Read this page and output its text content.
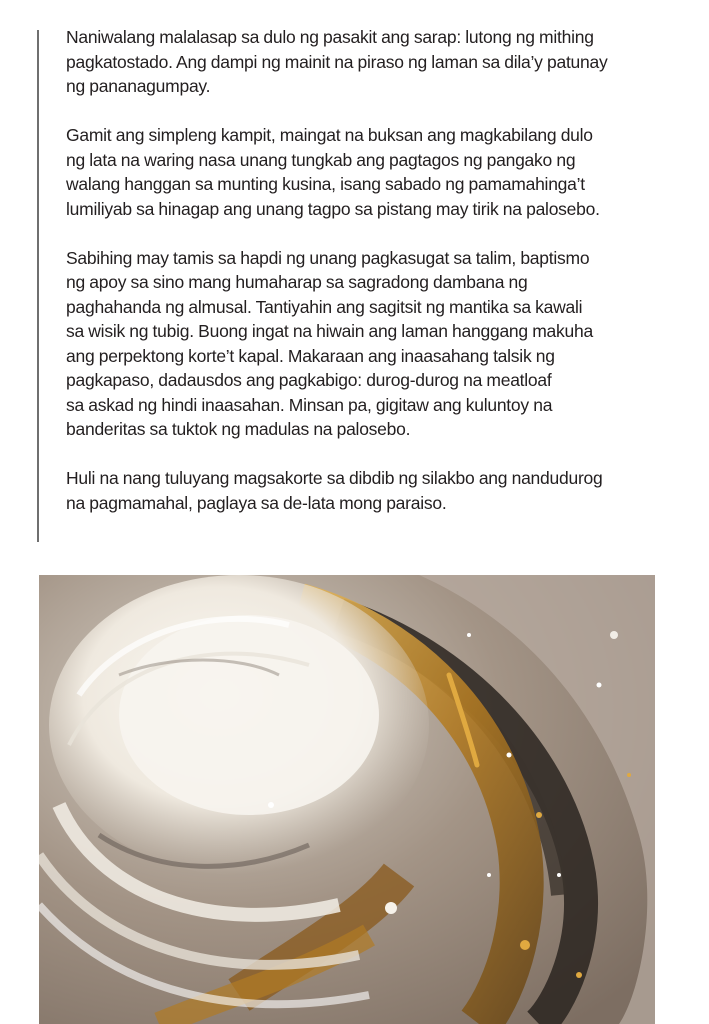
Naniwalang malalasap sa dulo ng pasakit ang sarap: lutong ng mithing
pagkatostado. Ang dampi ng mainit na piraso ng laman sa dila’y patunay
ng pananagumpay.

Gamit ang simpleng kampit, maingat na buksan ang magkabilang dulo
ng lata na waring nasa unang tungkab ang pagtagos ng pangako ng
walang hanggan sa munting kusina, isang sabado ng pamamahinga’t
lumiliyab sa hinagap ang unang tagpo sa pistang may tirik na palosebo.

Sabihing may tamis sa hapdi ng unang pagkasugat sa talim, baptismo
ng apoy sa sino mang humaharap sa sagradong dambana ng
paghahanda ng almusal. Tantiyahin ang sagitsit ng mantika sa kawali
sa wisik ng tubig. Buong ingat na hiwain ang laman hanggang makuha
ang perpektong korte’t kapal. Makaraan ang inaasahang talsik ng
pagkapaso, dadausdos ang pagkabigo: durog-durog na meatloaf
sa askad ng hindi inaasahan. Minsan pa, gigitaw ang kuluntoy na
banderitas sa tuktok ng madulas na palosebo.

Huli na nang tuluyang magsakorte sa dibdib ng silakbo ang nandudurog
na pagmamahal, paglaya sa de-lata mong paraiso.
